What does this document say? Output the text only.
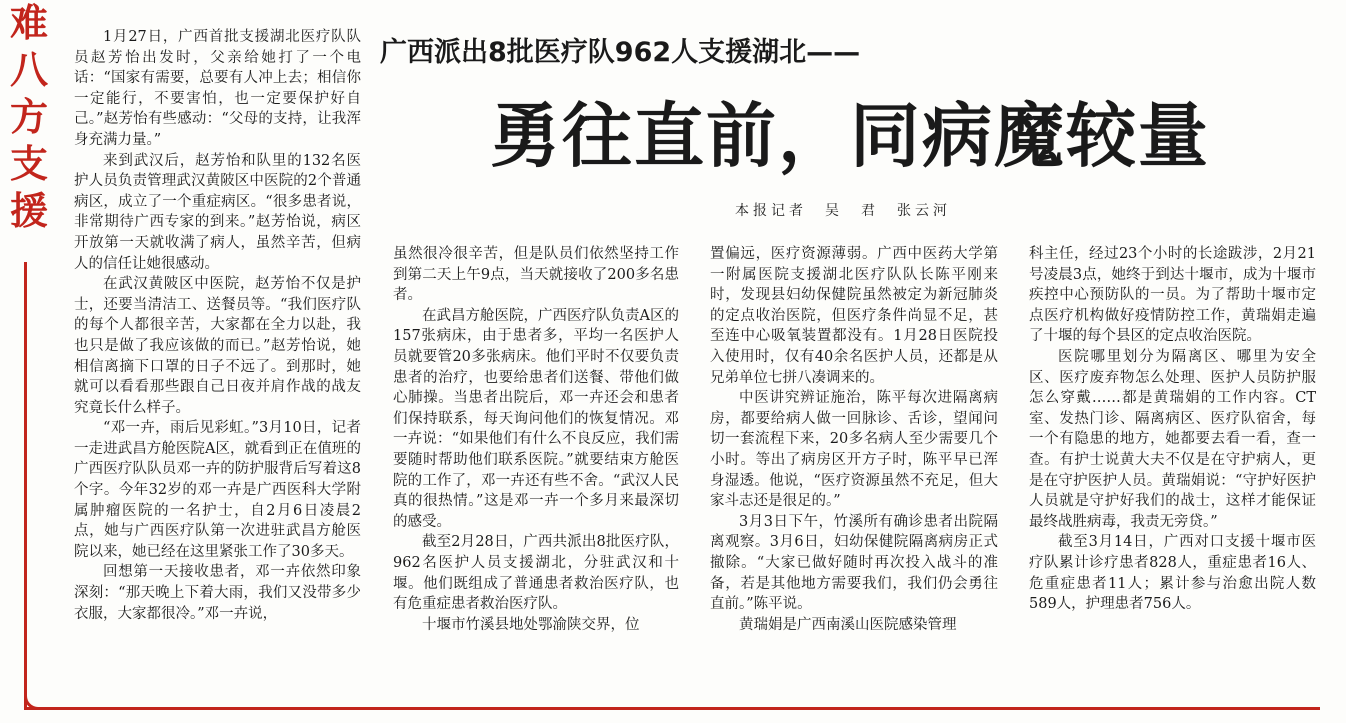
难八方支援

1月27日，广西首批支援湖北医疗队队员赵芳怡出发时，父亲给她打了一个电话：“国家有需要，总要有人冲上去；相信你一定能行，不要害怕，也一定要保护好自己。”赵芳怡有些感动：“父母的支持，让我浑身充满力量。”

来到武汉后，赵芳怡和队里的132名医护人员负责管理武汉黄陂区中医院的2个普通病区，成立了一个重症病区。“很多患者说，非常期待广西专家的到来。”赵芳怡说，病区开放第一天就收满了病人，虽然辛苦，但病人的信任让她很感动。

在武汉黄陂区中医院，赵芳怡不仅是护士，还要当清洁工、送餐员等。“我们医疗队的每个人都很辛苦，大家都在全力以赴，我也只是做了我应该做的而已。”赵芳怡说，她相信离摘下口罩的日子不远了。到那时，她就可以看看那些跟自己日夜并肩作战的战友究竟长什么样子。

“邓一卉，雨后见彩虹。”3月10日，记者一走进武昌方舱医院A区，就看到正在值班的广西医疗队队员邓一卉的防护服背后写着这8个字。今年32岁的邓一卉是广西医科大学附属肿瘤医院的一名护士，自2月6日凌晨2点，她与广西医疗队第一次进驻武昌方舱医院以来，她已经在这里紧张工作了30多天。

回想第一天接收患者，邓一卉依然印象深刻：“那天晚上下着大雨，我们又没带多少衣服，大家都很冷。”邓一卉说，

广西派出8批医疗队962人支援湖北——
勇往直前，同病魔较量
本报记者　吴　君　张云河

虽然很冷很辛苦，但是队员们依然坚持工作到第二天上午9点，当天就接收了200多名患者。

在武昌方舱医院，广西医疗队负责A区的157张病床，由于患者多，平均一名医护人员就要管20多张病床。他们平时不仅要负责患者的治疗，也要给患者们送餐、带他们做心肺操。当患者出院后，邓一卉还会和患者们保持联系，每天询问他们的恢复情况。邓一卉说：“如果他们有什么不良反应，我们需要随时帮助他们联系医院。”就要结束方舱医院的工作了，邓一卉还有些不舍。“武汉人民真的很热情。”这是邓一卉一个多月来最深切的感受。

截至2月28日，广西共派出8批医疗队，962名医护人员支援湖北，分驻武汉和十堰。他们既组成了普通患者救治医疗队，也有危重症患者救治医疗队。

十堰市竹溪县地处鄂渝陕交界，位

置偏远，医疗资源薄弱。广西中医药大学第一附属医院支援湖北医疗队队长陈平刚来时，发现县妇幼保健院虽然被定为新冠肺炎的定点收治医院，但医疗条件尚显不足，甚至连中心吸氧装置都没有。1月28日医院投入使用时，仅有40余名医护人员，还都是从兄弟单位七拼八凑调来的。

中医讲究辨证施治，陈平每次进隔离病房，都要给病人做一回脉诊、舌诊，望闻问切一套流程下来，20多名病人至少需要几个小时。等出了病房区开方子时，陈平早已浑身湿透。他说，“医疗资源虽然不充足，但大家斗志还是很足的。”

3月3日下午，竹溪所有确诊患者出院隔离观察。3月6日，妇幼保健院隔离病房正式撤除。“大家已做好随时再次投入战斗的准备，若是其他地方需要我们，我们仍会勇往直前。”陈平说。

黄瑞娟是广西南溪山医院感染管理

科主任，经过23个小时的长途跋涉，2月21号凌晨3点，她终于到达十堰市，成为十堰市疾控中心预防队的一员。为了帮助十堰市定点医疗机构做好疫情防控工作，黄瑞娟走遍了十堰的每个县区的定点收治医院。

医院哪里划分为隔离区、哪里为安全区、医疗废弃物怎么处理、医护人员防护服怎么穿戴……都是黄瑞娟的工作内容。CT室、发热门诊、隔离病区、医疗队宿舍，每一个有隐患的地方，她都要去看一看，查一查。有护士说黄大夫不仅是在守护病人，更是在守护医护人员。黄瑞娟说：“守护好医护人员就是守护好我们的战士，这样才能保证最终战胜病毒，我责无旁贷。”

截至3月14日，广西对口支援十堰市医疗队累计诊疗患者828人，重症患者16人、危重症患者11人；累计参与治愈出院人数589人，护理患者756人。
